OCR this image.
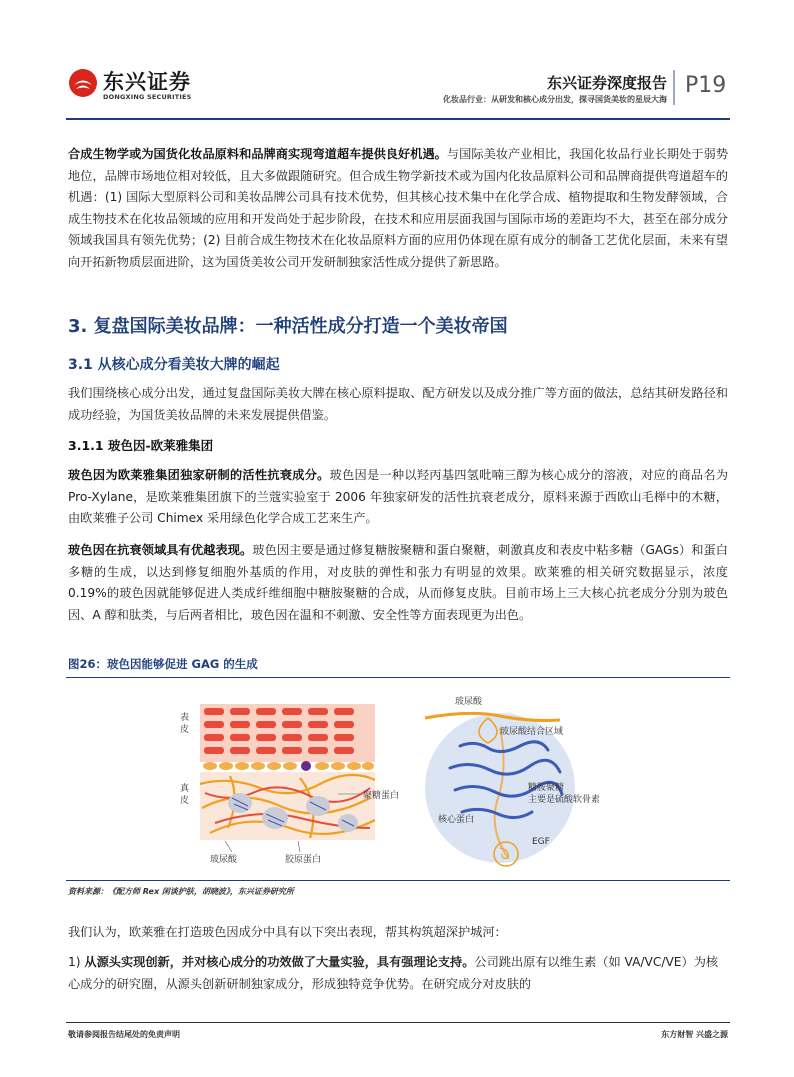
东兴证券
DONGXING SECURITIES
东兴证券深度报告
化妆品行业：从研发和核心成分出发，探寻国货美妆的星辰大海
P19
合成生物学或为国货化妆品原料和品牌商实现弯道超车提供良好机遇。与国际美妆产业相比，我国化妆品行业长期处于弱势地位，品牌市场地位相对较低，且大多做跟随研究。但合成生物学新技术或为国内化妆品原料公司和品牌商提供弯道超车的机遇：(1) 国际大型原料公司和美妆品牌公司具有技术优势，但其核心技术集中在化学合成、植物提取和生物发酵领域，合成生物技术在化妆品领域的应用和开发尚处于起步阶段，在技术和应用层面我国与国际市场的差距均不大，甚至在部分成分领域我国具有领先优势；(2) 目前合成生物技术在化妆品原料方面的应用仍体现在原有成分的制备工艺优化层面，未来有望向开拓新物质层面进阶，这为国货美妆公司开发研制独家活性成分提供了新思路。
3. 复盘国际美妆品牌：一种活性成分打造一个美妆帝国
3.1 从核心成分看美妆大牌的崛起
我们围绕核心成分出发，通过复盘国际美妆大牌在核心原料提取、配方研发以及成分推广等方面的做法，总结其研发路径和成功经验，为国货美妆品牌的未来发展提供借鉴。
3.1.1 玻色因-欧莱雅集团
玻色因为欧莱雅集团独家研制的活性抗衰成分。玻色因是一种以羟丙基四氢吡喃三醇为核心成分的溶液，对应的商品名为 Pro-Xylane，是欧莱雅集团旗下的兰蔻实验室于 2006 年独家研发的活性抗衰老成分，原料来源于西欧山毛榉中的木糖，由欧莱雅子公司 Chimex 采用绿色化学合成工艺来生产。
玻色因在抗衰领域具有优越表现。玻色因主要是通过修复糖胺聚糖和蛋白聚糖，刺激真皮和表皮中粘多糖（GAGs）和蛋白多糖的生成，以达到修复细胞外基质的作用，对皮肤的弹性和张力有明显的效果。欧莱雅的相关研究数据显示，浓度 0.19%的玻色因就能够促进人类成纤维细胞中糖胺聚糖的合成，从而修复皮肤。目前市场上三大核心抗老成分分别为玻色因、A 醇和肽类，与后两者相比，玻色因在温和不刺激、安全性等方面表现更为出色。
图26：玻色因能够促进 GAG 的生成
表
皮
真
皮
玻尿酸	胶原蛋白
聚糖蛋白
玻尿酸
玻尿酸结合区域
糖胺聚糖
主要是硫酸软骨素
核心蛋白
EGF
资料来源：《配方师 Rex 闲谈护肤，胡晓波》，东兴证券研究所
我们认为，欧莱雅在打造玻色因成分中具有以下突出表现，帮其构筑超深护城河：
1) 从源头实现创新，并对核心成分的功效做了大量实验，具有强理论支持。公司跳出原有以维生素（如 VA/VC/VE）为核心成分的研究圈，从源头创新研制独家成分，形成独特竞争优势。在研究成分对皮肤的
敬请参阅报告结尾处的免责声明	东方财智 兴盛之源
